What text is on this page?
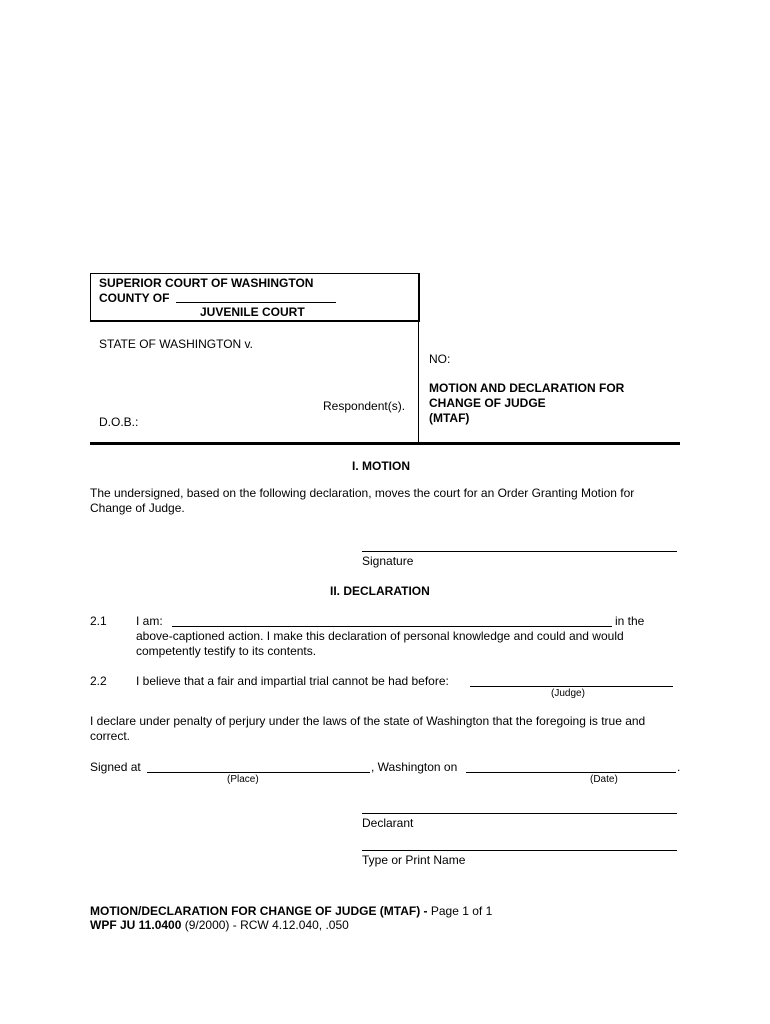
SUPERIOR COURT OF WASHINGTON
COUNTY OF
JUVENILE COURT
STATE OF WASHINGTON v.
Respondent(s).
D.O.B.:
NO:
MOTION AND DECLARATION FOR
CHANGE OF JUDGE
(MTAF)
I. MOTION
The undersigned, based on the following declaration, moves the court for an Order Granting Motion for
Change of Judge.
Signature
II. DECLARATION
2.1 I am:	in the
above-captioned action. I make this declaration of personal knowledge and could and would
competently testify to its contents.
2.2 I believe that a fair and impartial trial cannot be had before:
(Judge)
I declare under penalty of perjury under the laws of the state of Washington that the foregoing is true and
correct.
Signed at	, Washington on	.
(Place)	(Date)
Declarant
Type or Print Name
MOTION/DECLARATION FOR CHANGE OF JUDGE (MTAF) - Page 1 of 1
WPF JU 11.0400 (9/2000) - RCW 4.12.040, .050
